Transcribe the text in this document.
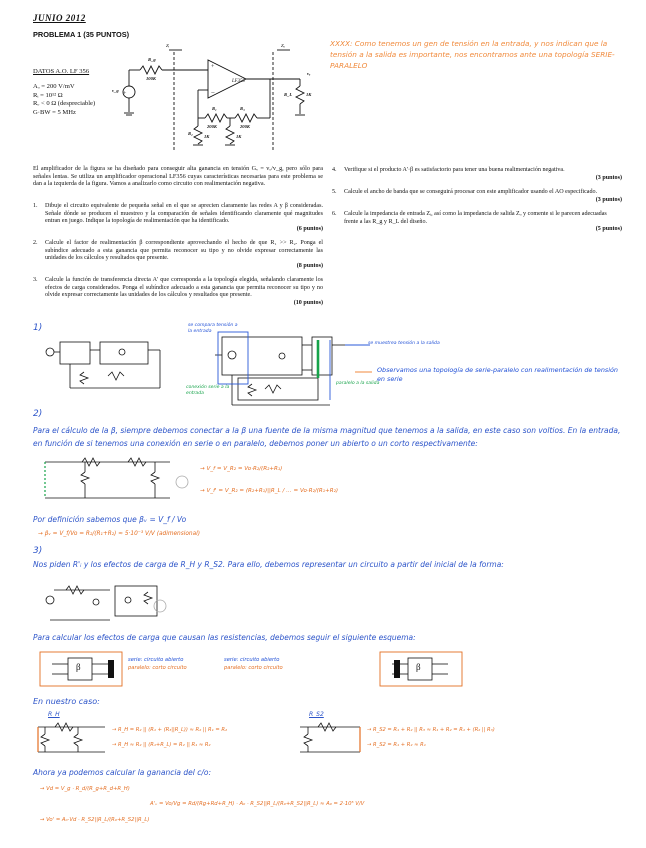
JUNIO 2012
PROBLEMA 1 (35 PUNTOS)
DATOS A.O. LF 356
Aₒ = 200 V/mV
Rᵢ = 10¹² Ω
Rₒ < 0 Ω (despreciable)
G·BW = 5 MHz
LF356
+
−
+
Zᵢ	Zₒ
R_g
100K
v_g
vₒ
R_L	1K
R₁
200K
R₂
1K
R₃
1K
200K
XXXX: Como tenemos un gen de tensión en la entrada, y nos indican que la tensión a la salida es importante, nos encontramos ante una topología SERIE-PARALELO
El amplificador de la figura se ha diseñado para conseguir alta ganancia en tensión Gᵥ = vₒ/v_g, pero sólo para señales lentas. Se utiliza un amplificador operacional LF356 cuyas características necesarias para este problema se dan a la izquierda de la figura. Vamos a analizarlo como circuito con realimentación negativa.
1.	Dibuje el circuito equivalente de pequeña señal en el que se aprecien claramente las redes A y β consideradas. Señale dónde se producen el muestreo y la comparación de señales identificando claramente qué magnitudes entran en juego. Indique la topología de realimentación que ha identificado.
(6 puntos)
2.	Calcule el factor de realimentación β correspondiente aprovechando el hecho de que R₁ >> R₂. Ponga el subíndice adecuado a esta ganancia que permita reconocer su tipo y no olvide expresar correctamente las unidades de los cálculos y resultados que presente.
(8 puntos)
3.	Calcule la función de transferencia directa A' que corresponda a la topología elegida, señalando claramente los efectos de carga considerados. Ponga el subíndice adecuado a esta ganancia que permita reconocer su tipo y no olvide expresar correctamente las unidades de los cálculos y resultados que presente.
(10 puntos)
4.	Verifique si el producto A'·β es satisfactorio para tener una buena realimentación negativa.
(3 puntos)
5.	Calcule el ancho de banda que se conseguirá procesar con este amplificador usando el AO especificado.
(3 puntos)
6.	Calcule la impedancia de entrada Zᵢ, así como la impedancia de salida Zₒ y comente si le parecen adecuadas frente a las R_g y R_L del diseño.
(5 puntos)
1)	se compara tensión a la entrada
se muestrea tensión a la salida
conexión serie a la entrada
paralelo a la salida
Observamos una topología de serie-paralelo con realimentación de tensión en serie
2)
Para el cálculo de la β, siempre debemos conectar a la β una fuente de la misma magnitud que tenemos a la salida, en este caso son voltios. En la entrada, en función de si tenemos una conexión en serie o en paralelo, debemos poner un abierto o un corto respectivamente:
→ V_f = V_R₂ = Vo·R₂/(R₂+R₁)
→ V_f' = V_R₂ = (R₂+R₁)||R_L / … = Vo·R₂/(R₁+R₂)
Por definición sabemos que βᵥ = V_f / Vo
→ βᵥ = V_f/Vo = R₂/(R₁+R₂) ≈ 5·10⁻³ V/V (adimensional)
3)
Nos piden R'ᵢ y los efectos de carga de R_H y R_S2. Para ello, debemos representar un circuito a partir del inicial de la forma:
Para calcular los efectos de carga que causan las resistencias, debemos seguir el siguiente esquema:
β	β
serie: circuito abierto
paralelo: corto circuito
serie: circuito abierto
paralelo: corto circuito
En nuestro caso:
R_H	R_S2
→ R_H = R₂ || (R₁ + (R₃||R_L)) ≈ R₂ || R₁ = R₂
→ R_H ≈ R₂ || (R₁+R_L) = R₂ || R₁ ≈ R₂
→ R_S2 = R₁ + R₂ || R₃ ≈ R₁ + R₂ = R₁ + (R₂ || R₃)
→ R_S2 = R₁ + R₂ ≈ R₁
Ahora ya podemos calcular la ganancia del c/o:
→ Vd = V_g · R_d/(R_g+R_d+R_H)
A'ᵥ = Vo/Vg = Rd/(Rg+Rd+R_H) · A₀ · R_S2||R_L/(R₀+R_S2||R_L) ≈ A₀ = 2·10⁵ V/V
→ Vo' = A₀·Vd · R_S2||R_L/(R₀+R_S2||R_L)
